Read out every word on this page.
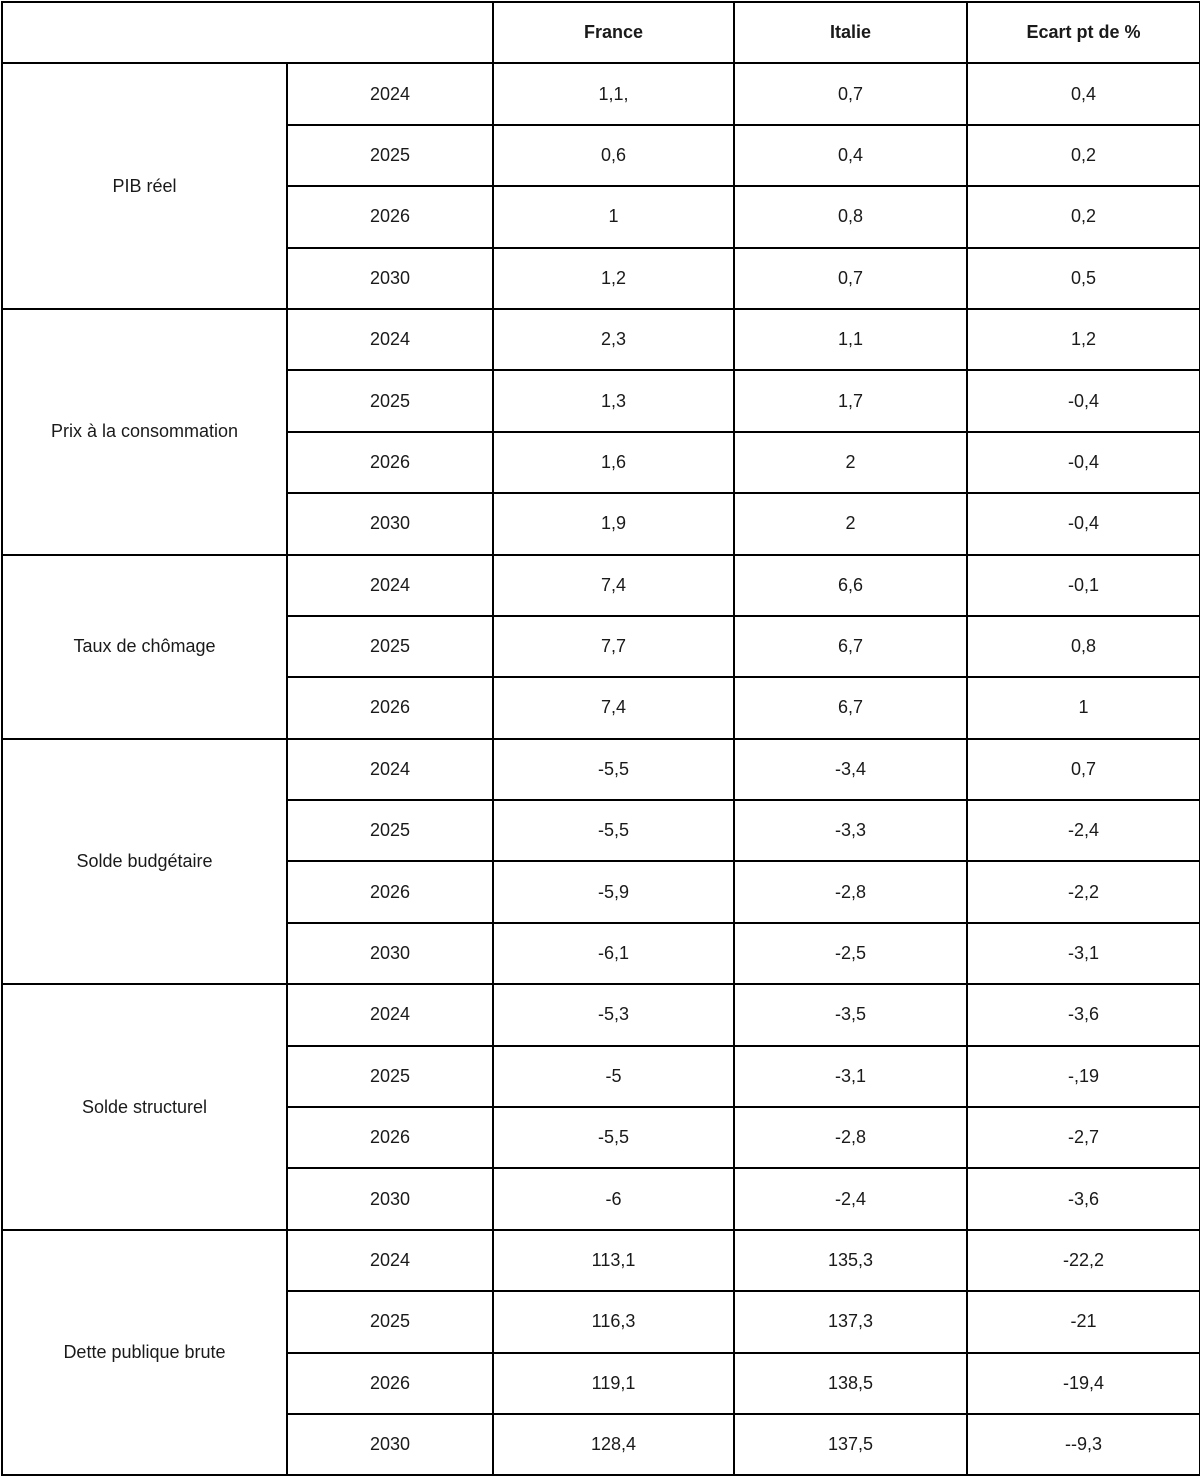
		France	Italie	Ecart pt de %
PIB réel	2024	1,1,	0,7	0,4
	2025	0,6	0,4	0,2
	2026	1	0,8	0,2
	2030	1,2	0,7	0,5
Prix à la consommation	2024	2,3	1,1	1,2
	2025	1,3	1,7	-0,4
	2026	1,6	2	-0,4
	2030	1,9	2	-0,4
Taux de chômage	2024	7,4	6,6	-0,1
	2025	7,7	6,7	0,8
	2026	7,4	6,7	1
Solde budgétaire	2024	-5,5	-3,4	0,7
	2025	-5,5	-3,3	-2,4
	2026	-5,9	-2,8	-2,2
	2030	-6,1	-2,5	-3,1
Solde structurel	2024	-5,3	-3,5	-3,6
	2025	-5	-3,1	-,19
	2026	-5,5	-2,8	-2,7
	2030	-6	-2,4	-3,6
Dette publique brute	2024	113,1	135,3	-22,2
	2025	116,3	137,3	-21
	2026	119,1	138,5	-19,4
	2030	128,4	137,5	--9,3
